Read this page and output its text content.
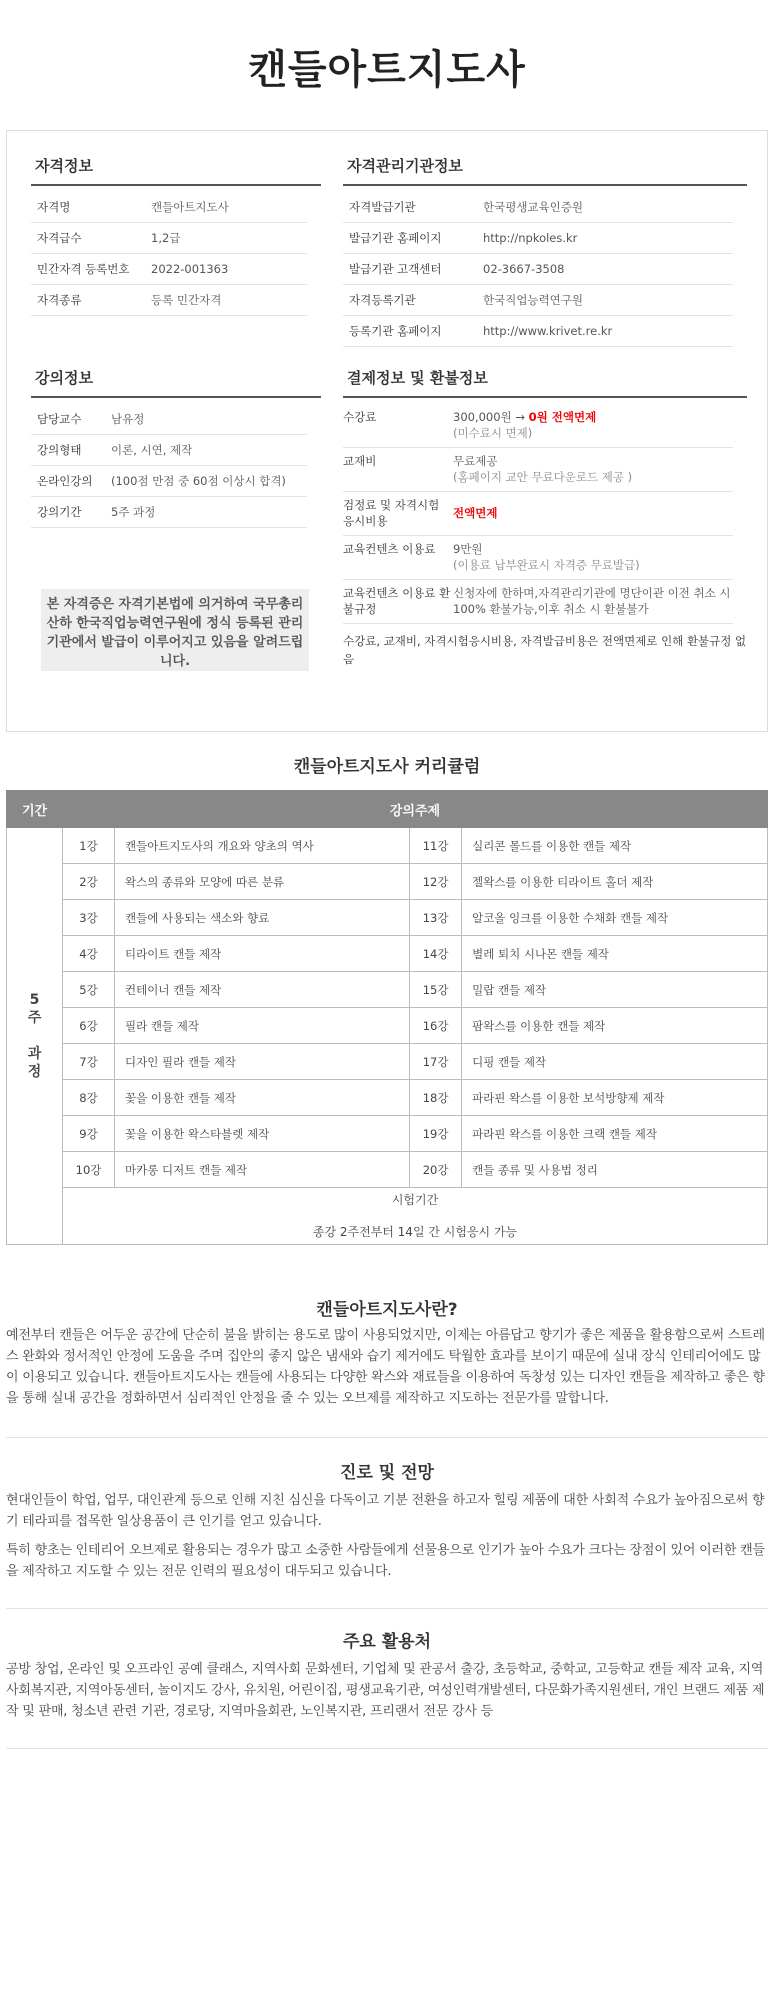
캔들아트지도사
자격정보
자격명	캔들아트지도사
자격급수	1,2급
민간자격 등록번호	2022-001363
자격종류	등록 민간자격
자격관리기관정보
자격발급기관	한국평생교육인증원
발급기관 홈페이지	http://npkoles.kr
발급기관 고객센터	02-3667-3508
자격등록기관	한국직업능력연구원
등록기관 홈페이지	http://www.krivet.re.kr
강의정보
담당교수	남유정
강의형태	이론, 시연, 제작
온라인강의	(100점 만점 중 60점 이상시 합격)
강의기간	5주 과정
본 자격증은 자격기본법에 의거하여 국무총리산하 한국직업능력연구원에 정식 등록된 관리기관에서 발급이 이루어지고 있음을 알려드립니다.
결제정보 및 환불정보
수강료	300,000원 → 0원 전액면제
(미수료시 면제)
교재비	무료제공
(홈페이지 교안 무료다운로드 제공 )
검정료 및 자격시험 응시비용
전액면제
교육컨텐츠 이용료	9만원
(이용료 납부완료시 자격증 무료발급)
교육컨텐츠 이용료 환불규정
신청자에 한하며,자격관리기관에 명단이관 이전 취소 시 100% 환불가능,이후 취소 시 환불불가
수강료, 교재비, 자격시험응시비용, 자격발급비용은 전액면제로 인해 환불규정 없음
캔들아트지도사 커리큘럼
기간	강의주제			

5
주
과
정	1강	캔들아트지도사의 개요와 양초의 역사	11강	실리콘 몰드를 이용한 캔들 제작
	2강	왁스의 종류와 모양에 따른 분류	12강	젤왁스를 이용한 티라이트 홀더 제작
	3강	캔들에 사용되는 색소와 향료	13강	알코올 잉크를 이용한 수채화 캔들 제작
	4강	티라이트 캔들 제작	14강	별레 퇴치 시나몬 캔들 제작
	5강	컨테이너 캔들 제작	15강	밀랍 캔들 제작
	6강	필라 캔들 제작	16강	팜왁스를 이용한 캔들 제작
	7강	디자인 필라 캔들 제작	17강	디핑 캔들 제작
	8강	꽃을 이용한 캔들 제작	18강	파라핀 왁스를 이용한 보석방향제 제작
	9강	꽃을 이용한 왁스타블렛 제작	19강	파라핀 왁스를 이용한 크랙 캔들 제작
	10강	마카롱 디저트 캔들 제작	20강	캔들 종류 및 사용법 정리

	시험기간
종강 2주전부터 14일 간 시험응시 가능			
캔들아트지도사란?
예전부터 캔들은 어두운 공간에 단순히 불을 밝히는 용도로 많이 사용되었지만, 이제는 아름답고 향기가 좋은 제품을 활용함으로써 스트레스 완화와 정서적인 안정에 도움을 주며 집안의 좋지 않은 냄새와 습기 제거에도 탁월한 효과를 보이기 때문에 실내 장식 인테리어에도 많이 이용되고 있습니다. 캔들아트지도사는 캔들에 사용되는 다양한 왁스와 재료들을 이용하여 독창성 있는 디자인 캔들을 제작하고 좋은 향을 통해 실내 공간을 정화하면서 심리적인 안정을 줄 수 있는 오브제를 제작하고 지도하는 전문가를 말합니다.
진로 및 전망
현대인들이 학업, 업무, 대인관계 등으로 인해 지친 심신을 다독이고 기분 전환을 하고자 힐링 제품에 대한 사회적 수요가 높아짐으로써 향기 테라피를 접목한 일상용품이 큰 인기를 얻고 있습니다.
특히 향초는 인테리어 오브제로 활용되는 경우가 많고 소중한 사람들에게 선물용으로 인기가 높아 수요가 크다는 장점이 있어 이러한 캔들을 제작하고 지도할 수 있는 전문 인력의 필요성이 대두되고 있습니다.
주요 활용처
공방 창업, 온라인 및 오프라인 공예 클래스, 지역사회 문화센터, 기업체 및 관공서 출강, 초등학교, 중학교, 고등학교 캔들 제작 교육, 지역사회복지관, 지역아동센터, 놀이지도 강사, 유치원, 어린이집, 평생교육기관, 여성인력개발센터, 다문화가족지원센터, 개인 브랜드 제품 제작 및 판매, 청소년 관련 기관, 경로당, 지역마을회관, 노인복지관, 프리랜서 전문 강사 등
